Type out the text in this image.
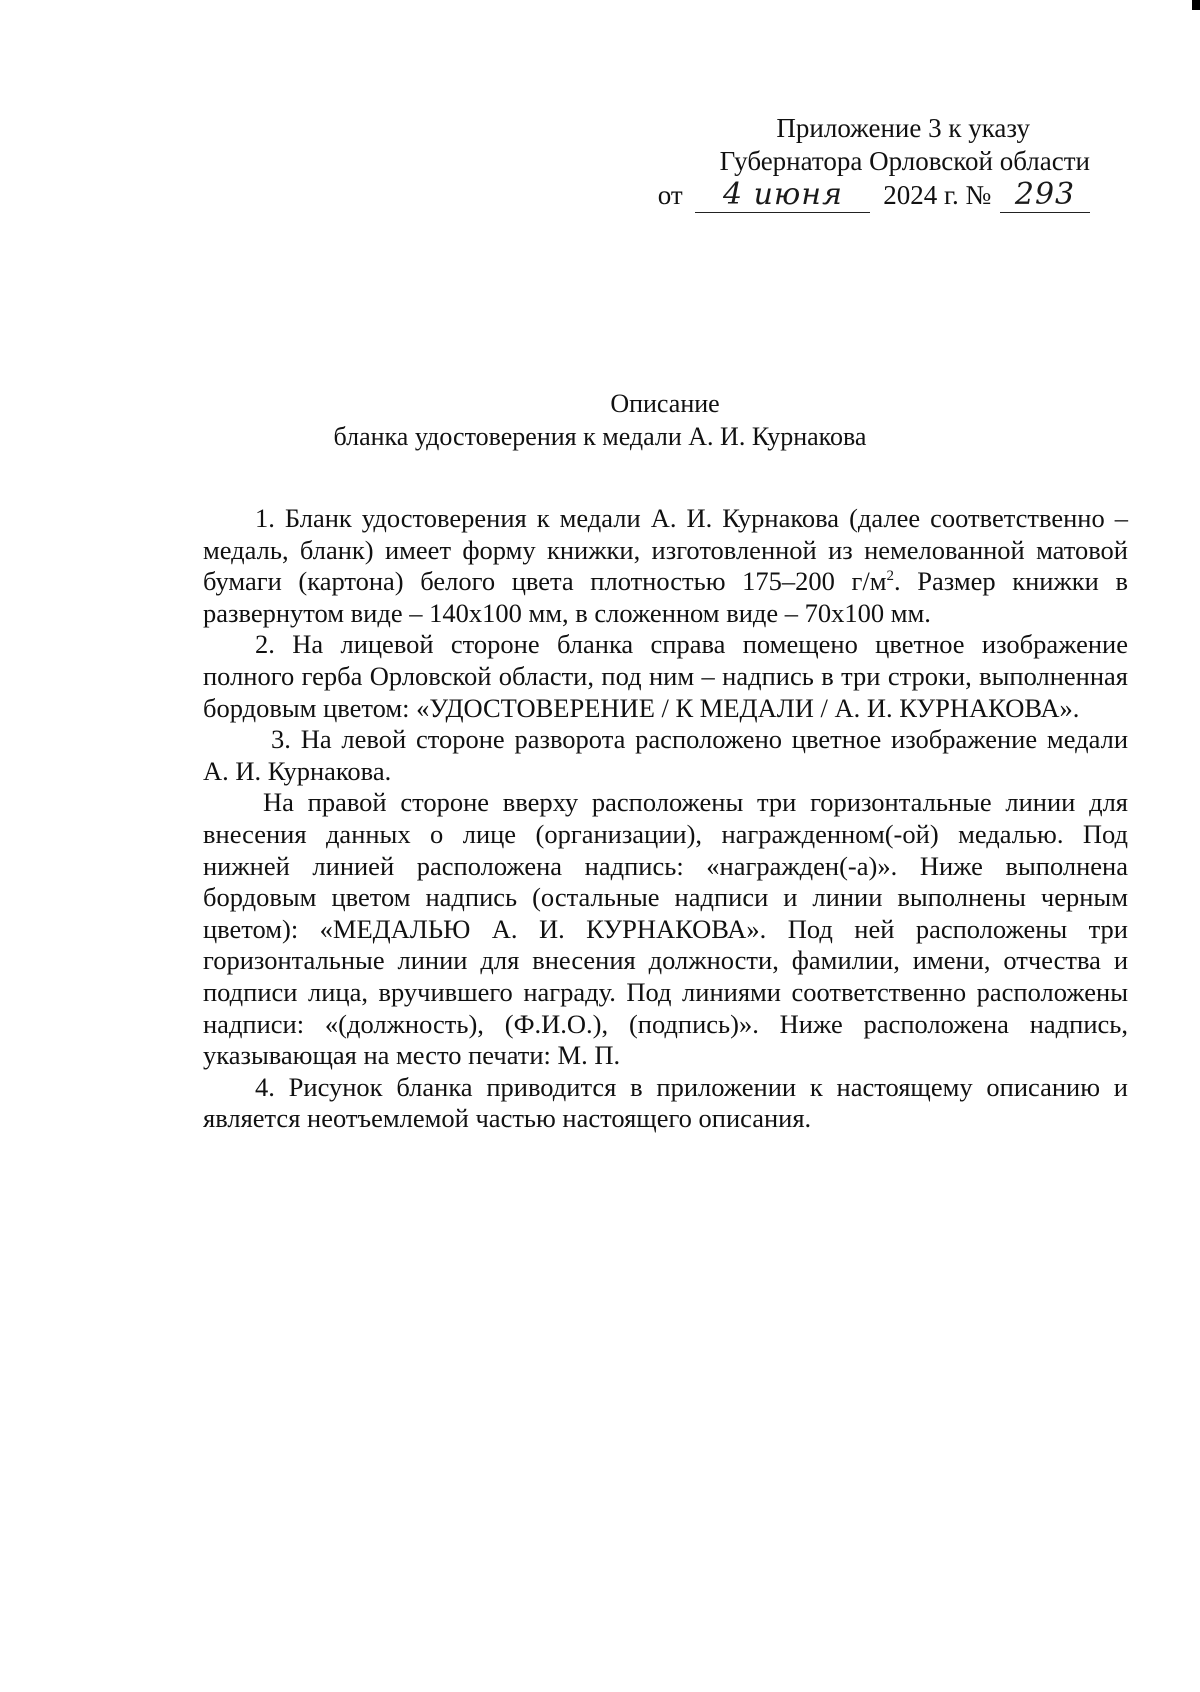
Приложение 3 к указу
Губернатора Орловской области
от 4 июня 2024 г. № 293
Описание
бланка удостоверения к медали А. И. Курнакова

1. Бланк удостоверения к медали А. И. Курнакова (далее соответственно – медаль, бланк) имеет форму книжки, изготовленной из немелованной матовой бумаги (картона) белого цвета плотностью 175–200 $г/м^2$. Размер книжки в развернутом виде – 140х100 мм, в сложенном виде – 70х100 мм.

2. На лицевой стороне бланка справа помещено цветное изображение полного герба Орловской области, под ним – надпись в три строки, выполненная бордовым цветом: «УДОСТОВЕРЕНИЕ / К МЕДАЛИ / А. И. КУРНАКОВА».

3. На левой стороне разворота расположено цветное изображение медали А. И. Курнакова.

На правой стороне вверху расположены три горизонтальные линии для внесения данных о лице (организации), награжденном(-ой) медалью. Под нижней линией расположена надпись: «награжден(-а)». Ниже выполнена бордовым цветом надпись (остальные надписи и линии выполнены черным цветом): «МЕДАЛЬЮ А. И. КУРНАКОВА». Под ней расположены три горизонтальные линии для внесения должности, фамилии, имени, отчества и подписи лица, вручившего награду. Под линиями соответственно расположены надписи: «(должность), (Ф.И.О.), (подпись)». Ниже расположена надпись, указывающая на место печати: М. П.

4. Рисунок бланка приводится в приложении к настоящему описанию и является неотъемлемой частью настоящего описания.
